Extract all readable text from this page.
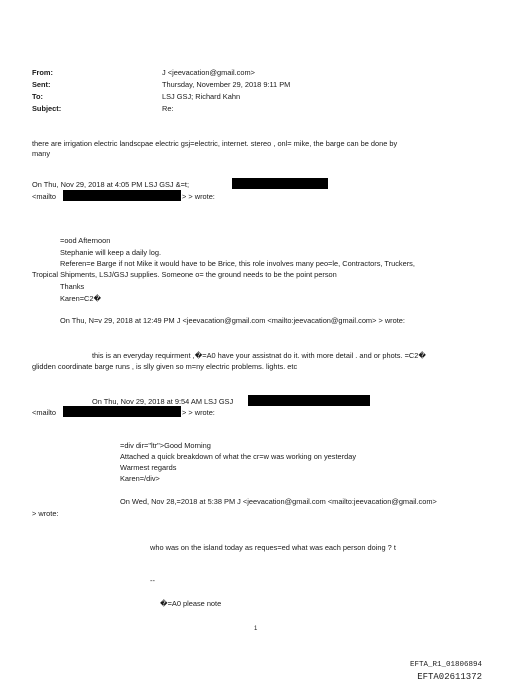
From:	J <jeevacation@gmail.com>
Sent:	Thursday, November 29, 2018 9:11 PM
To:	LSJ GSJ; Richard Kahn
Subject:	Re:
there are irrigation electric landscpae electric gsj=electric, internet. stereo , onl= mike, the barge can be done by
many
On Thu, Nov 29, 2018 at 4:05 PM LSJ GSJ &=t;
<mailto	> > wrote:
=ood Afternoon
Stephanie will keep a daily log.
Referen=e Barge if not Mike it would have to be Brice, this role involves many peo=le, Contractors, Truckers,
Tropical Shipments, LSJ/GSJ supplies. Someone o= the ground needs to be the point person
Thanks
Karen=C2�
On Thu, N=v 29, 2018 at 12:49 PM J <jeevacation@gmail.com <mailto:jeevacation@gmail.com> > wrote:
this is an everyday requirment ,�=A0 have your assistnat do it. with more detail . and or phots. =C2�
glidden coordinate barge runs , is slly given so m=ny electric problems. lights. etc
On Thu, Nov 29, 2018 at 9:54 AM LSJ GSJ
<mailto	> > wrote:
=div dir="ltr">Good Morning
Attached a quick breakdown of what the cr=w was working on yesterday
Warmest regards
Karen=/div>
On Wed, Nov 28,=2018 at 5:38 PM J <jeevacation@gmail.com <mailto:jeevacation@gmail.com>
> wrote:
who was on the island today as reques=ed what was each person doing ? t
--
�=A0 please note
1
EFTA_R1_01806894
EFTA02611372
